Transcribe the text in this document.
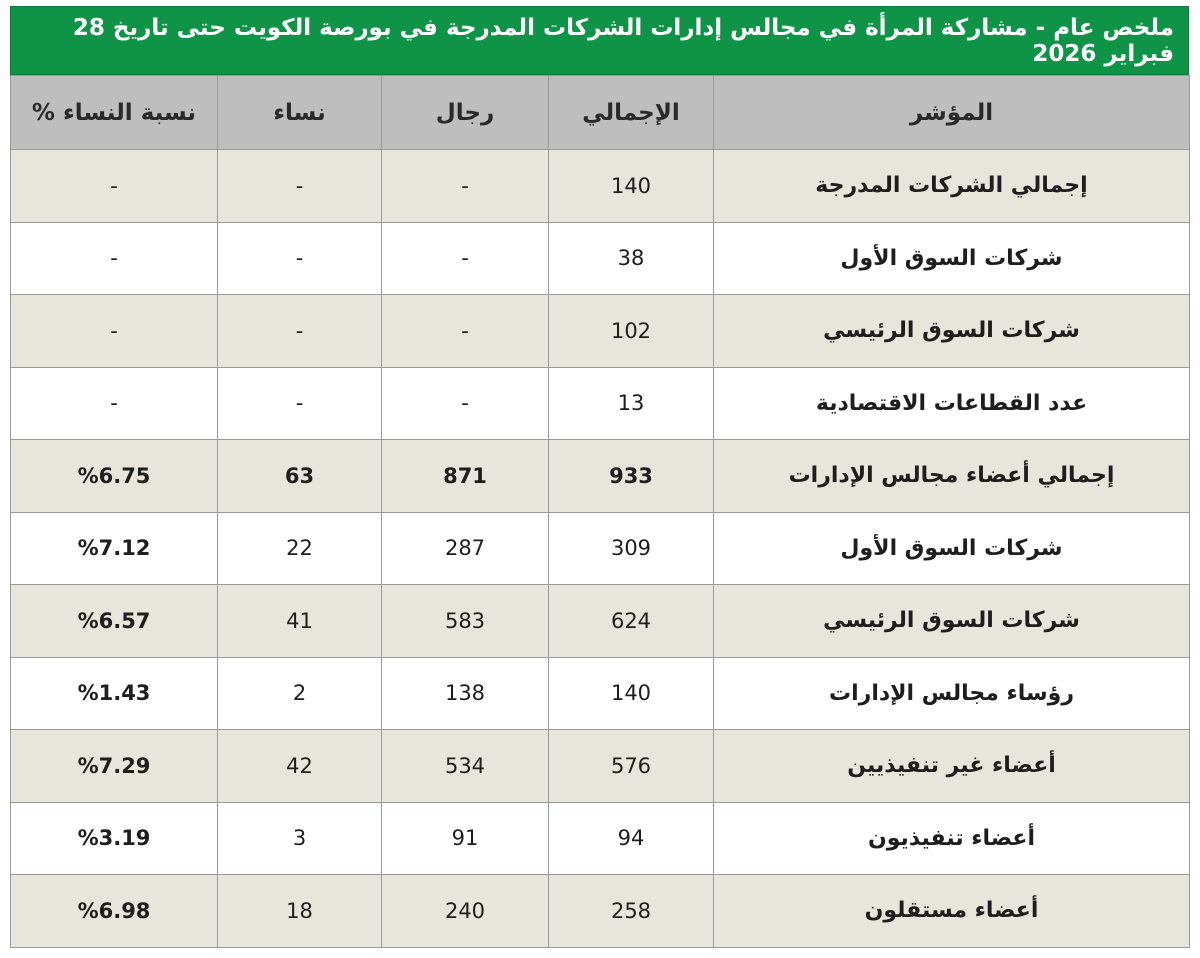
ملخص عام - مشاركة المرأة في مجالس إدارات الشركات المدرجة في بورصة الكويت حتى تاريخ 28 فبراير 2026
المؤشر	الإجمالي	رجال	نساء	نسبة النساء %
إجمالي الشركات المدرجة	140	-	-	-
شركات السوق الأول	38	-	-	-
شركات السوق الرئيسي	102	-	-	-
عدد القطاعات الاقتصادية	13	-	-	-
إجمالي أعضاء مجالس الإدارات	933	871	63	%6.75
شركات السوق الأول	309	287	22	%7.12
شركات السوق الرئيسي	624	583	41	%6.57
رؤساء مجالس الإدارات	140	138	2	%1.43
أعضاء غير تنفيذيين	576	534	42	%7.29
أعضاء تنفيذيون	94	91	3	%3.19
أعضاء مستقلون	258	240	18	%6.98
